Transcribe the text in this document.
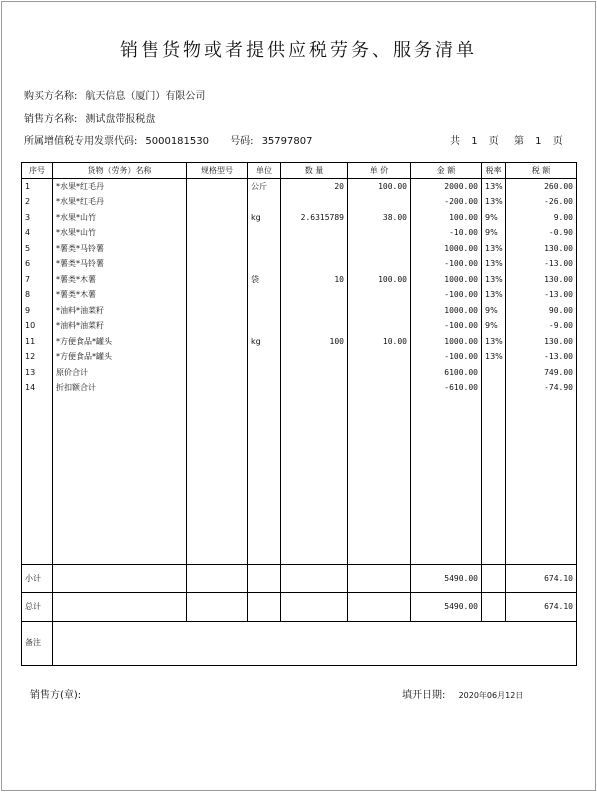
销售货物或者提供应税劳务、服务清单
购买方名称: 航天信息（厦门）有限公司
销售方名称: 测试盘带报税盘
所属增值税专用发票代码: 5000181530 号码: 35797807	共 1 页 第 1 页
序号	货物（劳务）名称	规格型号	单位	数 量	单 价	金 额	税率	税 额
1	*水果*红毛丹		公斤	20	100.00	2000.00	13%	260.00
2	*水果*红毛丹					-200.00	13%	-26.00
3	*水果*山竹		kg	2.6315789	38.00	100.00	9%	9.00
4	*水果*山竹					-10.00	9%	-0.90
5	*薯类*马铃薯					1000.00	13%	130.00
6	*薯类*马铃薯					-100.00	13%	-13.00
7	*薯类*木薯		袋	10	100.00	1000.00	13%	130.00
8	*薯类*木薯					-100.00	13%	-13.00
9	*油料*油菜籽					1000.00	9%	90.00
10	*油料*油菜籽					-100.00	9%	-9.00
11	*方便食品*罐头		kg	100	10.00	1000.00	13%	130.00
12	*方便食品*罐头					-100.00	13%	-13.00
13	原价合计					6100.00		749.00
14	折扣额合计					-610.00		-74.90

小计						5490.00		674.10
总计						5490.00		674.10
备注								
销售方(章):	填开日期: 2020年06月12日
